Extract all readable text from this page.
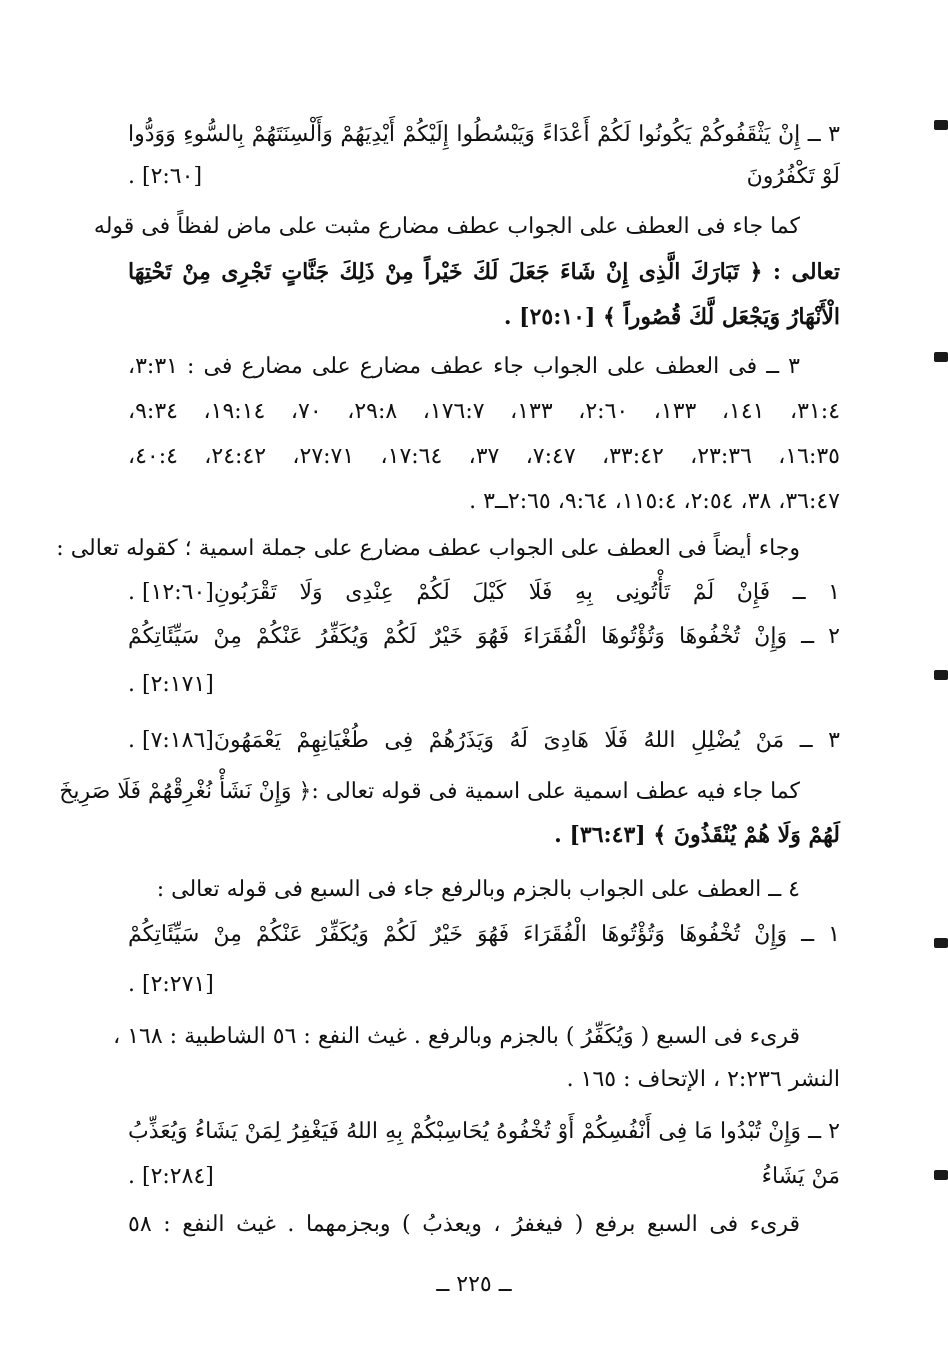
٣ ــ إِنْ يَثْقَفُوكُمْ يَكُونُوا لَكُمْ أَعْدَاءً وَيَبْسُطُوا إِلَيْكُمْ أَيْدِيَهُمْ وَأَلْسِنَتَهُمْ بِالسُّوءِ وَوَدُّوا
. [٢:٦٠]	لَوْ تَكْفُرُونَ
كما جاء فى العطف على الجواب عطف مضارع مثبت على ماض لفظاً فى قوله
تعالى : ﴿ تَبَارَكَ الَّذِى إِنْ شَاءَ جَعَلَ لَكَ خَيْراً مِنْ ذَلِكَ جَنَّاتٍ تَجْرِى مِنْ تَحْتِهَا
الْأَنْهَارُ وَيَجْعَل لَّكَ قُصُوراً ﴾ [٢٥:١٠] .
٣ ــ فى العطف على الجواب جاء عطف مضارع على مضارع فى : ٣:٣١،
٣١:٤، ١٤١، ١٣٣، ٢:٦٠، ١٣٣، ١٧٦:٧، ٢٩:٨، ٧٠، ١٩:١٤، ٩:٣٤،
١٦:٣٥، ٢٣:٣٦، ٣٣:٤٢، ٧:٤٧، ٣٧، ١٧:٦٤، ٢٧:٧١، ٢٤:٤٢، ٤٠:٤،
٣٦:٤٧، ٣٨، ٢:٥٤، ١١٥:٤، ٩:٦٤، ٢:٦٥ــ٣ .
وجاء أيضاً فى العطف على الجواب عطف مضارع على جملة اسمية ؛ كقوله تعالى :
. [١٢:٦٠] ١ ــ فَإِنْ لَمْ تَأْتُونِى بِهِ فَلَا كَيْلَ لَكُمْ عِنْدِى وَلَا تَقْرَبُونِ
٢ ــ وَإِنْ تُخْفُوهَا وَتُؤْتُوهَا الْفُقَرَاءَ فَهُوَ خَيْرٌ لَكُمْ وَيُكَفِّرُ عَنْكُمْ مِنْ سَيِّئَاتِكُمْ
. [٢:١٧١]
. [٧:١٨٦] ٣ ــ مَنْ يُضْلِلِ اللهُ فَلَا هَادِىَ لَهُ وَيَذَرُهُمْ فِى طُغْيَانِهِمْ يَعْمَهُونَ
كما جاء فيه عطف اسمية على اسمية فى قوله تعالى :﴿ وَإِنْ نَشَأْ نُغْرِقْهُمْ فَلَا صَرِيخَ
لَهُمْ وَلَا هُمْ يُنْقَذُونَ ﴾ [٣٦:٤٣] .
٤ ــ العطف على الجواب بالجزم وبالرفع جاء فى السبع فى قوله تعالى :
١ ــ وَإِنْ تُخْفُوهَا وَتُؤْتُوهَا الْفُقَرَاءَ فَهُوَ خَيْرٌ لَكُمْ وَيُكَفِّرْ عَنْكُمْ مِنْ سَيِّئَاتِكُمْ
. [٢:٢٧١]
قرىء فى السبع ( وَيُكَفِّرُ ) بالجزم وبالرفع . غيث النفع : ٥٦ الشاطبية : ١٦٨ ،
النشر ٢:٢٣٦ ، الإتحاف : ١٦٥ .
٢ ــ وَإِنْ تُبْدُوا مَا فِى أَنْفُسِكُمْ أَوْ تُخْفُوهُ يُحَاسِبْكُمْ بِهِ اللهُ فَيَغْفِرُ لِمَنْ يَشَاءُ وَيُعَذِّبُ
. [٢:٢٨٤]	مَنْ يَشَاءُ
قرىء فى السبع برفع ( فيغفرُ ، ويعذبُ ) وبجزمهما . غيث النفع : ٥٨
ــ ٢٢٥ ــ
